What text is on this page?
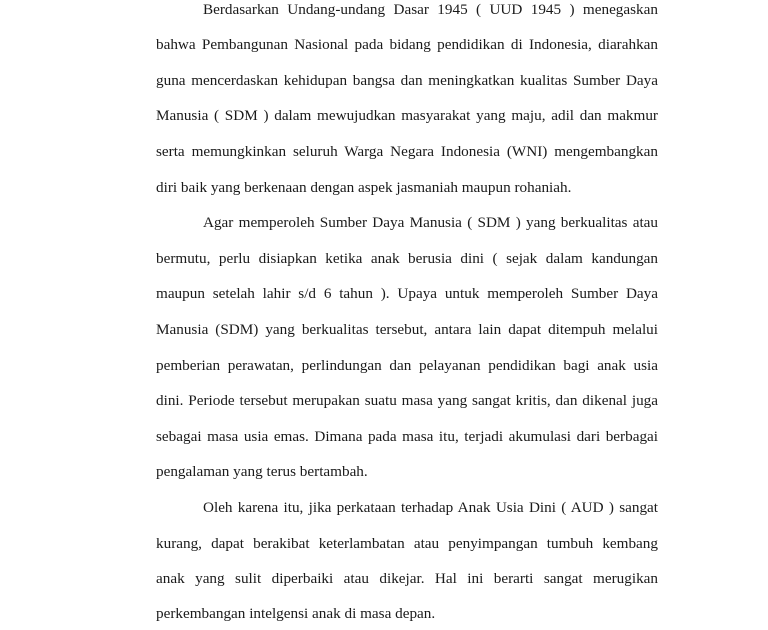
Berdasarkan Undang-undang Dasar 1945 ( UUD 1945 ) menegaskan
bahwa Pembangunan Nasional pada bidang pendidikan di Indonesia, diarahkan
guna mencerdaskan kehidupan bangsa dan meningkatkan kualitas Sumber Daya
Manusia ( SDM ) dalam mewujudkan masyarakat yang maju, adil dan makmur
serta memungkinkan seluruh Warga Negara Indonesia (WNI) mengembangkan
diri baik yang berkenaan dengan aspek jasmaniah maupun rohaniah.
Agar memperoleh Sumber Daya Manusia ( SDM ) yang berkualitas atau
bermutu, perlu disiapkan ketika anak berusia dini ( sejak dalam kandungan
maupun setelah lahir s/d 6 tahun ). Upaya untuk memperoleh Sumber Daya
Manusia (SDM) yang berkualitas tersebut, antara lain dapat ditempuh melalui
pemberian perawatan, perlindungan dan pelayanan pendidikan bagi anak usia
dini. Periode tersebut merupakan suatu masa yang sangat kritis, dan dikenal juga
sebagai masa usia emas. Dimana pada masa itu, terjadi akumulasi dari berbagai
pengalaman yang terus bertambah.
Oleh karena itu, jika perkataan terhadap Anak Usia Dini ( AUD ) sangat
kurang, dapat berakibat keterlambatan atau penyimpangan tumbuh kembang
anak yang sulit diperbaiki atau dikejar. Hal ini berarti sangat merugikan
perkembangan intelgensi anak di masa depan.
